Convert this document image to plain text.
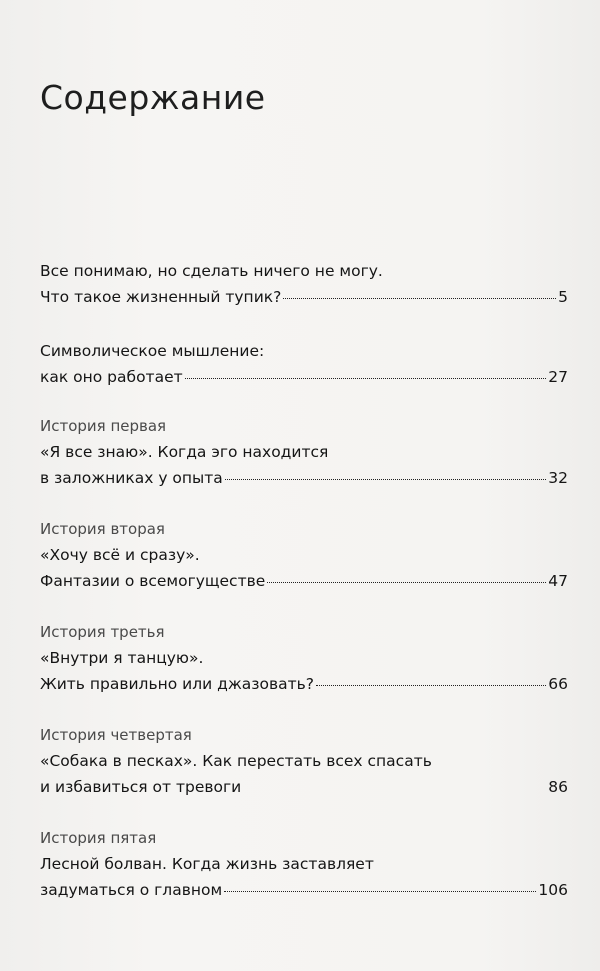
Содержание
Все понимаю, но сделать ничего не могу.
Что такое жизненный тупик?	5
Символическое мышление:
как оно работает	27
История первая
«Я все знаю». Когда эго находится
в заложниках у опыта	32
История вторая
«Хочу всё и сразу».
Фантазии о всемогуществе	47
История третья
«Внутри я танцую».
Жить правильно или джазовать?	66
История четвертая
«Собака в песках». Как перестать всех спасать
и избавиться от тревоги	86
История пятая
Лесной болван. Когда жизнь заставляет
задуматься о главном	106
